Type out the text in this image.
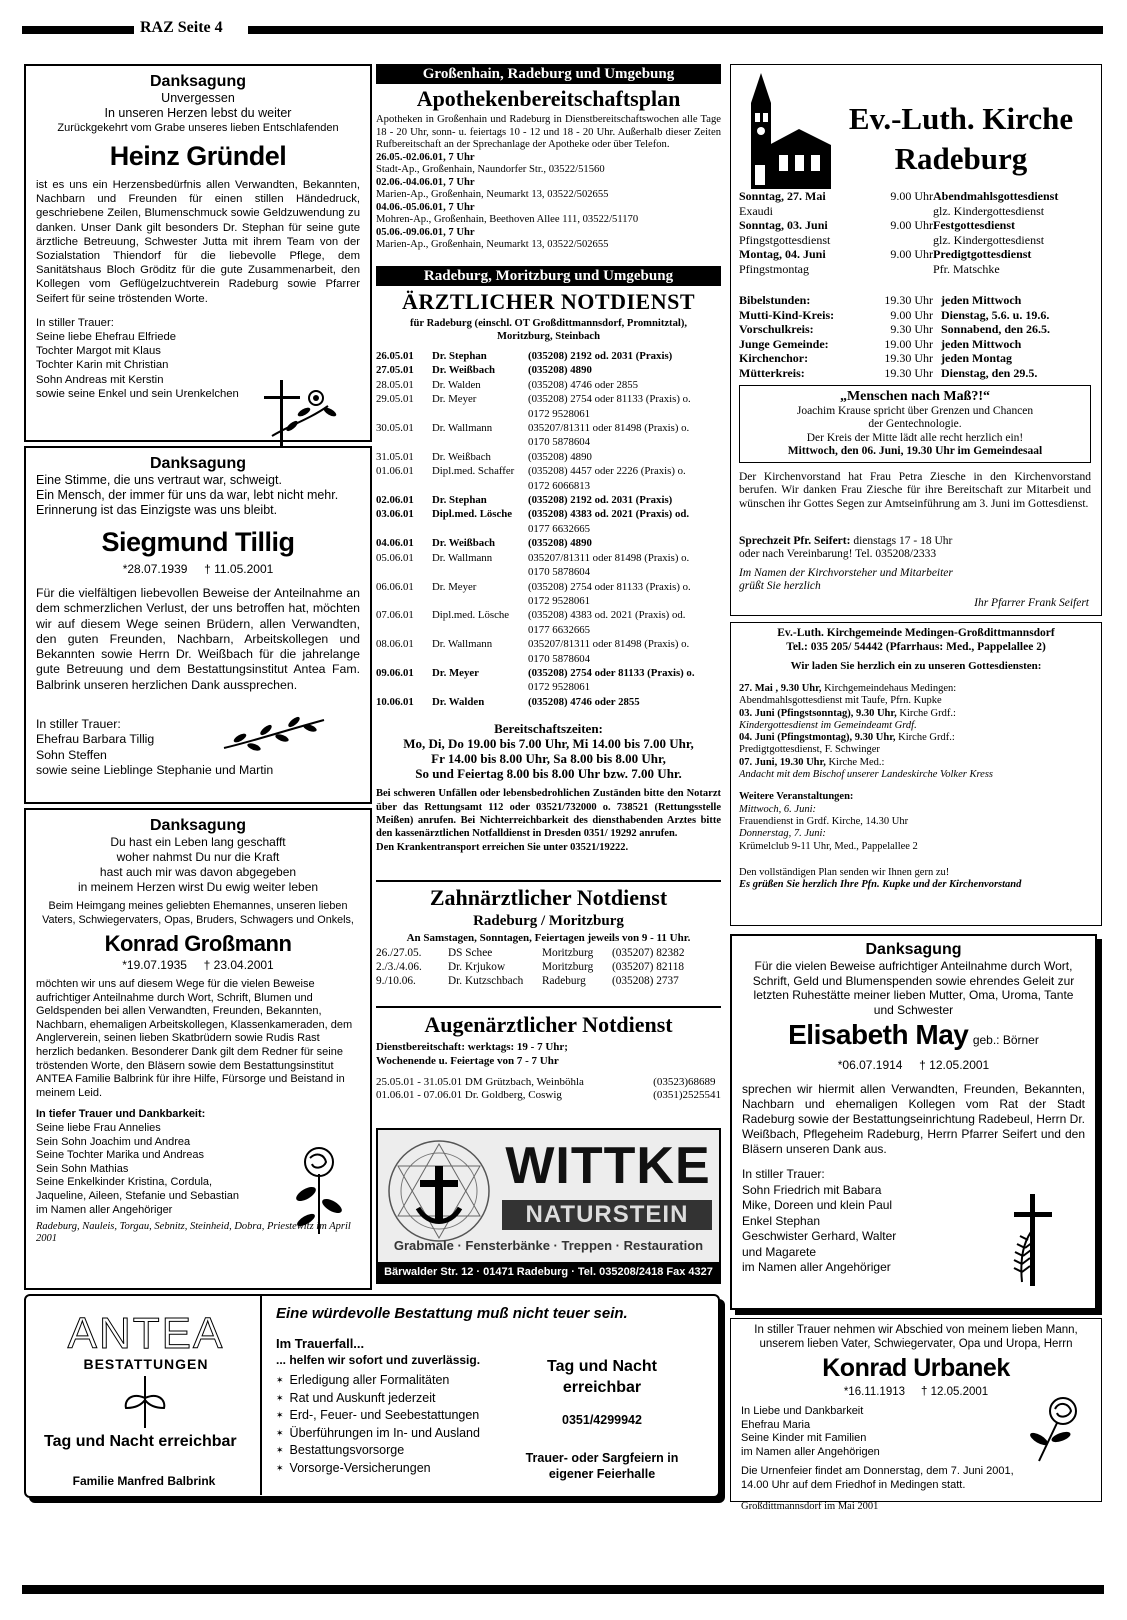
RAZ Seite 4
Danksagung
Unvergessen
In unseren Herzen lebst du weiter
Zurückgekehrt vom Grabe unseres lieben Entschlafenden
Heinz Gründel
ist es uns ein Herzensbedürfnis allen Verwandten, Bekannten, Nachbarn und Freunden für einen stillen Händedruck, geschriebene Zeilen, Blumenschmuck sowie Geldzuwendung zu danken. Unser Dank gilt besonders Dr. Stephan für seine gute ärztliche Betreuung, Schwester Jutta mit ihrem Team von der Sozialstation Thiendorf für die liebevolle Pflege, dem Sanitätshaus Bloch Gröditz für die gute Zusammenarbeit, den Kollegen vom Geflügelzuchtverein Radeburg sowie Pfarrer Seifert für seine tröstenden Worte.
In stiller Trauer:
Seine liebe Ehefrau Elfriede
Tochter Margot mit Klaus
Tochter Karin mit Christian
Sohn Andreas mit Kerstin
sowie seine Enkel und sein Urenkelchen
Danksagung
Eine Stimme, die uns vertraut war, schweigt.
Ein Mensch, der immer für uns da war, lebt nicht mehr.
Erinnerung ist das Einzigste was uns bleibt.
Siegmund Tillig
*28.07.1939 † 11.05.2001
Für die vielfältigen liebevollen Beweise der Anteilnahme an dem schmerzlichen Verlust, der uns betroffen hat, möchten wir auf diesem Wege seinen Brüdern, allen Verwandten, den guten Freunden, Nachbarn, Arbeitskollegen und Bekannten sowie Herrn Dr. Weißbach für die jahrelange gute Betreuung und dem Bestattungsinstitut Antea Fam. Balbrink unseren herzlichen Dank aussprechen.
In stiller Trauer:
Ehefrau Barbara Tillig
Sohn Steffen
sowie seine Lieblinge Stephanie und Martin
Danksagung
Du hast ein Leben lang geschafft
woher nahmst Du nur die Kraft
hast auch mir was davon abgegeben
in meinem Herzen wirst Du ewig weiter leben
Beim Heimgang meines geliebten Ehemannes, unseren lieben Vaters, Schwiegervaters, Opas, Bruders, Schwagers und Onkels,
Konrad Großmann
*19.07.1935 † 23.04.2001
möchten wir uns auf diesem Wege für die vielen Beweise aufrichtiger Anteilnahme durch Wort, Schrift, Blumen und Geldspenden bei allen Verwandten, Freunden, Bekannten, Nachbarn, ehemaligen Arbeitskollegen, Klassenkameraden, dem Anglerverein, seinen lieben Skatbrüdern sowie Rudis Rast herzlich bedanken. Besonderer Dank gilt dem Redner für seine tröstenden Worte, den Bläsern sowie dem Bestattungsinstitut ANTEA Familie Balbrink für ihre Hilfe, Fürsorge und Beistand in meinem Leid.
In tiefer Trauer und Dankbarkeit:
Seine liebe Frau Annelies
Sein Sohn Joachim und Andrea
Seine Tochter Marika und Andreas
Sein Sohn Mathias
Seine Enkelkinder Kristina, Cordula,
Jaqueline, Aileen, Stefanie und Sebastian
im Namen aller Angehöriger
Radeburg, Nauleis, Torgau, Sebnitz, Steinheid, Dobra, Priestewitz im April 2001
Großenhain, Radeburg und Umgebung
Apothekenbereitschaftsplan
Apotheken in Großenhain und Radeburg in Dienstbereitschaftswochen alle Tage 18 - 20 Uhr, sonn- u. feiertags 10 - 12 und 18 - 20 Uhr. Außerhalb dieser Zeiten Rufbereitschaft an der Sprechanlage der Apotheke oder über Telefon.
26.05.-02.06.01, 7 Uhr
Stadt-Ap., Großenhain, Naundorfer Str., 03522/51560
02.06.-04.06.01, 7 Uhr
Marien-Ap., Großenhain, Neumarkt 13, 03522/502655
04.06.-05.06.01, 7 Uhr
Mohren-Ap., Großenhain, Beethoven Allee 111, 03522/51170
05.06.-09.06.01, 7 Uhr
Marien-Ap., Großenhain, Neumarkt 13, 03522/502655
Radeburg, Moritzburg und Umgebung
ÄRZTLICHER NOTDIENST
für Radeburg (einschl. OT Großdittmannsdorf, Promnitztal),
Moritzburg, Steinbach
26.05.01	Dr. Stephan	(035208) 2192 od. 2031 (Praxis)
27.05.01	Dr. Weißbach	(035208) 4890
28.05.01	Dr. Walden	(035208) 4746 oder 2855
29.05.01	Dr. Meyer	(035208) 2754 oder 81133 (Praxis) o.
0172 9528061
30.05.01	Dr. Wallmann	035207/81311 oder 81498 (Praxis) o.
0170 5878604
31.05.01	Dr. Weißbach	(035208) 4890
01.06.01	Dipl.med. Schaffer	(035208) 4457 oder 2226 (Praxis) o.
0172 6066813
02.06.01	Dr. Stephan	(035208) 2192 od. 2031 (Praxis)
03.06.01	Dipl.med. Lösche	(035208) 4383 od. 2021 (Praxis) od.
0177 6632665
04.06.01	Dr. Weißbach	(035208) 4890
05.06.01	Dr. Wallmann	035207/81311 oder 81498 (Praxis) o.
0170 5878604
06.06.01	Dr. Meyer	(035208) 2754 oder 81133 (Praxis) o.
0172 9528061
07.06.01	Dipl.med. Lösche	(035208) 4383 od. 2021 (Praxis) od.
0177 6632665
08.06.01	Dr. Wallmann	035207/81311 oder 81498 (Praxis) o.
0170 5878604
09.06.01	Dr. Meyer	(035208) 2754 oder 81133 (Praxis) o.
0172 9528061
10.06.01	Dr. Walden	(035208) 4746 oder 2855
Bereitschaftszeiten:
Mo, Di, Do 19.00 bis 7.00 Uhr, Mi 14.00 bis 7.00 Uhr,
Fr 14.00 bis 8.00 Uhr, Sa 8.00 bis 8.00 Uhr,
So und Feiertag 8.00 bis 8.00 Uhr bzw. 7.00 Uhr.
Bei schweren Unfällen oder lebensbedrohlichen Zuständen bitte den Notarzt über das Rettungsamt 112 oder 03521/732000 o. 738521 (Rettungsstelle Meißen) anrufen. Bei Nichterreichbarkeit des diensthabenden Arztes bitte den kassenärztlichen Notfalldienst in Dresden 0351/ 19292 anrufen.
Den Krankentransport erreichen Sie unter 03521/19222.
Zahnärztlicher Notdienst
Radeburg / Moritzburg
An Samstagen, Sonntagen, Feiertagen jeweils von 9 - 11 Uhr.
26./27.05.	DS Schee	Moritzburg	(035207) 82382
2./3./4.06.	Dr. Krjukow	Moritzburg	(035207) 82118
9./10.06.	Dr. Kutzschbach	Radeburg	(035208) 2737
Augenärztlicher Notdienst
Dienstbereitschaft: werktags: 19 - 7 Uhr;
Wochenende u. Feiertage von 7 - 7 Uhr
25.05.01 - 31.05.01 DM Grützbach, Weinböhla	(03523)68689
01.06.01 - 07.06.01 Dr. Goldberg, Coswig	(0351)2525541
WITTKE
NATURSTEIN
Grabmale · Fensterbänke · Treppen · Restauration
Bärwalder Str. 12 · 01471 Radeburg · Tel. 035208/2418 Fax 4327
Ev.-Luth. Kirche
Radeburg
Sonntag, 27. Mai	9.00 Uhr Abendmahlsgottesdienst
Exaudi	glz. Kindergottesdienst
Sonntag, 03. Juni	9.00 Uhr Festgottesdienst
Pfingstgottesdienst	glz. Kindergottesdienst
Montag, 04. Juni	9.00 Uhr Predigtgottesdienst
Pfingstmontag	Pfr. Matschke
Bibelstunden:	19.30 Uhr jeden Mittwoch
Mutti-Kind-Kreis:	9.00 Uhr Dienstag, 5.6. u. 19.6.
Vorschulkreis:	9.30 Uhr Sonnabend, den 26.5.
Junge Gemeinde:	19.00 Uhr jeden Mittwoch
Kirchenchor:	19.30 Uhr jeden Montag
Mütterkreis:	19.30 Uhr Dienstag, den 29.5.
„Menschen nach Maß?!“
Joachim Krause spricht über Grenzen und Chancen
der Gentechnologie.
Der Kreis der Mitte lädt alle recht herzlich ein!
Mittwoch, den 06. Juni, 19.30 Uhr im Gemeindesaal
Der Kirchenvorstand hat Frau Petra Ziesche in den Kirchenvorstand berufen. Wir danken Frau Ziesche für ihre Bereitschaft zur Mitarbeit und wünschen ihr Gottes Segen zur Amtseinführung am 3. Juni im Gottesdienst.
Sprechzeit Pfr. Seifert: dienstags 17 - 18 Uhr
oder nach Vereinbarung! Tel. 035208/2333
Im Namen der Kirchvorsteher und Mitarbeiter
grüßt Sie herzlich
Ihr Pfarrer Frank Seifert
Ev.-Luth. Kirchgemeinde Medingen-Großdittmannsdorf
Tel.: 035 205/ 54442 (Pfarrhaus: Med., Pappelallee 2)
Wir laden Sie herzlich ein zu unseren Gottesdiensten:
27. Mai , 9.30 Uhr, Kirchgemeindehaus Medingen:
Abendmahlsgottesdienst mit Taufe, Pfrn. Kupke
03. Juni (Pfingstsonntag), 9.30 Uhr, Kirche Grdf.:
Kindergottesdienst im Gemeindeamt Grdf.
04. Juni (Pfingstmontag), 9.30 Uhr, Kirche Grdf.:
Predigtgottesdienst, F. Schwinger
07. Juni, 19.30 Uhr, Kirche Med.:
Andacht mit dem Bischof unserer Landeskirche Volker Kress
Weitere Veranstaltungen:
Mittwoch, 6. Juni:
Frauendienst in Grdf. Kirche, 14.30 Uhr
Donnerstag, 7. Juni:
Krümelclub 9-11 Uhr, Med., Pappelallee 2
Den vollständigen Plan senden wir Ihnen gern zu!
Es grüßen Sie herzlich Ihre Pfn. Kupke und der Kirchenvorstand
Danksagung
Für die vielen Beweise aufrichtiger Anteilnahme durch Wort, Schrift, Geld und Blumenspenden sowie ehrendes Geleit zur letzten Ruhestätte meiner lieben Mutter, Oma, Uroma, Tante und Schwester
Elisabeth May geb.: Börner
*06.07.1914 † 12.05.2001
sprechen wir hiermit allen Verwandten, Freunden, Bekannten, Nachbarn und ehemaligen Kollegen vom Rat der Stadt Radeburg sowie der Bestattungseinrichtung Radebeul, Herrn Dr. Weißbach, Pflegeheim Radeburg, Herrn Pfarrer Seifert und den Bläsern unseren Dank aus.
In stiller Trauer:
Sohn Friedrich mit Babara
Mike, Doreen und klein Paul
Enkel Stephan
Geschwister Gerhard, Walter
und Magarete
im Namen aller Angehöriger
In stiller Trauer nehmen wir Abschied von meinem lieben Mann, unserem lieben Vater, Schwiegervater, Opa und Uropa, Herrn
Konrad Urbanek
*16.11.1913 † 12.05.2001
In Liebe und Dankbarkeit
Ehefrau Maria
Seine Kinder mit Familien
im Namen aller Angehörigen
Die Urnenfeier findet am Donnerstag, dem 7. Juni 2001, 14.00 Uhr auf dem Friedhof in Medingen statt.
Großdittmannsdorf im Mai 2001
ANTEA
BESTATTUNGEN
Tag und Nacht erreichbar
Familie Manfred Balbrink
Eine würdevolle Bestattung muß nicht teuer sein.
Im Trauerfall...
... helfen wir sofort und zuverlässig.
✶ Erledigung aller Formalitäten
✶ Rat und Auskunft jederzeit
✶ Erd-, Feuer- und Seebestattungen
✶ Überführungen im In- und Ausland
✶ Bestattungsvorsorge
✶ Vorsorge-Versicherungen
Tag und Nacht erreichbar
0351/4299942
Trauer- oder Sargfeiern in eigener Feierhalle
